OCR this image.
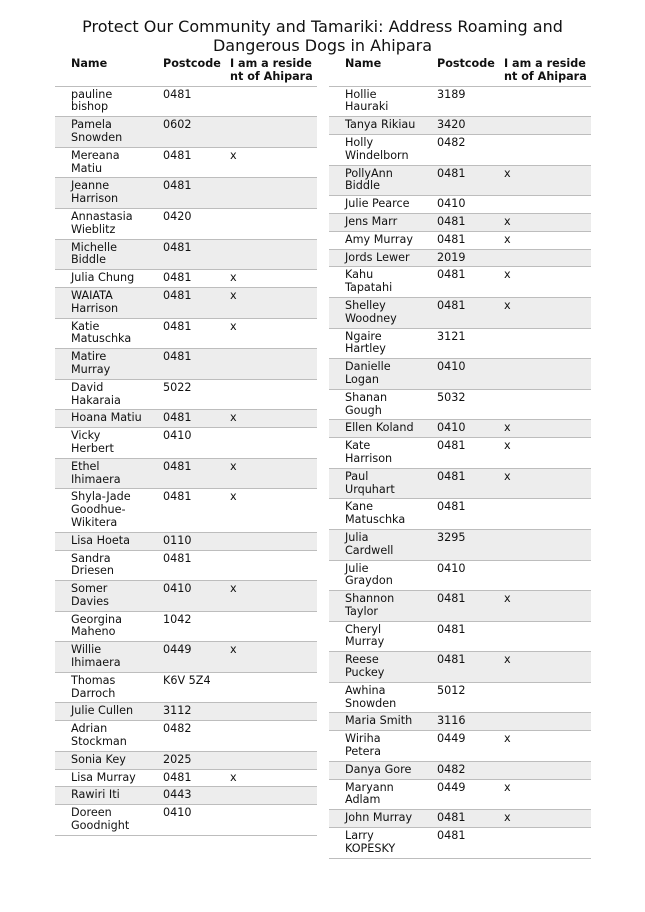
Protect Our Community and Tamariki: Address Roaming and Dangerous Dogs in Ahipara
Name	Postcode	I am a resident of Ahipara

pauline bishop	0481	

Pamela Snowden	0602	

Mereana Matiu	0481	x

Jeanne Harrison	0481	

Annastasia Wieblitz	0420	

Michelle Biddle	0481	

Julia Chung	0481	x

WAIATA Harrison	0481	x

Katie Matuschka	0481	x

Matire Murray	0481	

David Hakaraia	5022	

Hoana Matiu	0481	x

Vicky Herbert	0410	

Ethel Ihimaera	0481	x

Shyla-Jade Goodhue-Wikitera	0481	x

Lisa Hoeta	0110	

Sandra Driesen	0481	

Somer Davies	0410	x

Georgina Maheno	1042	

Willie Ihimaera	0449	x

Thomas Darroch	K6V 5Z4	

Julie Cullen	3112	

Adrian Stockman	0482	

Sonia Key	2025	

Lisa Murray	0481	x

Rawiri Iti	0443	

Doreen Goodnight	0410	
Name	Postcode	I am a resident of Ahipara

Hollie Hauraki	3189	

Tanya Rikiau	3420	

Holly Windelborn	0482	

PollyAnn Biddle	0481	x

Julie Pearce	0410	

Jens Marr	0481	x

Amy Murray	0481	x

Jords Lewer	2019	

Kahu Tapatahi	0481	x

Shelley Woodney	0481	x

Ngaire Hartley	3121	

Danielle Logan	0410	

Shanan Gough	5032	

Ellen Koland	0410	x

Kate Harrison	0481	x

Paul Urquhart	0481	x

Kane Matuschka	0481	

Julia Cardwell	3295	

Julie Graydon	0410	

Shannon Taylor	0481	x

Cheryl Murray	0481	

Reese Puckey	0481	x

Awhina Snowden	5012	

Maria Smith	3116	

Wiriha Petera	0449	x

Danya Gore	0482	

Maryann Adlam	0449	x

John Murray	0481	x

Larry KOPESKY	0481	
